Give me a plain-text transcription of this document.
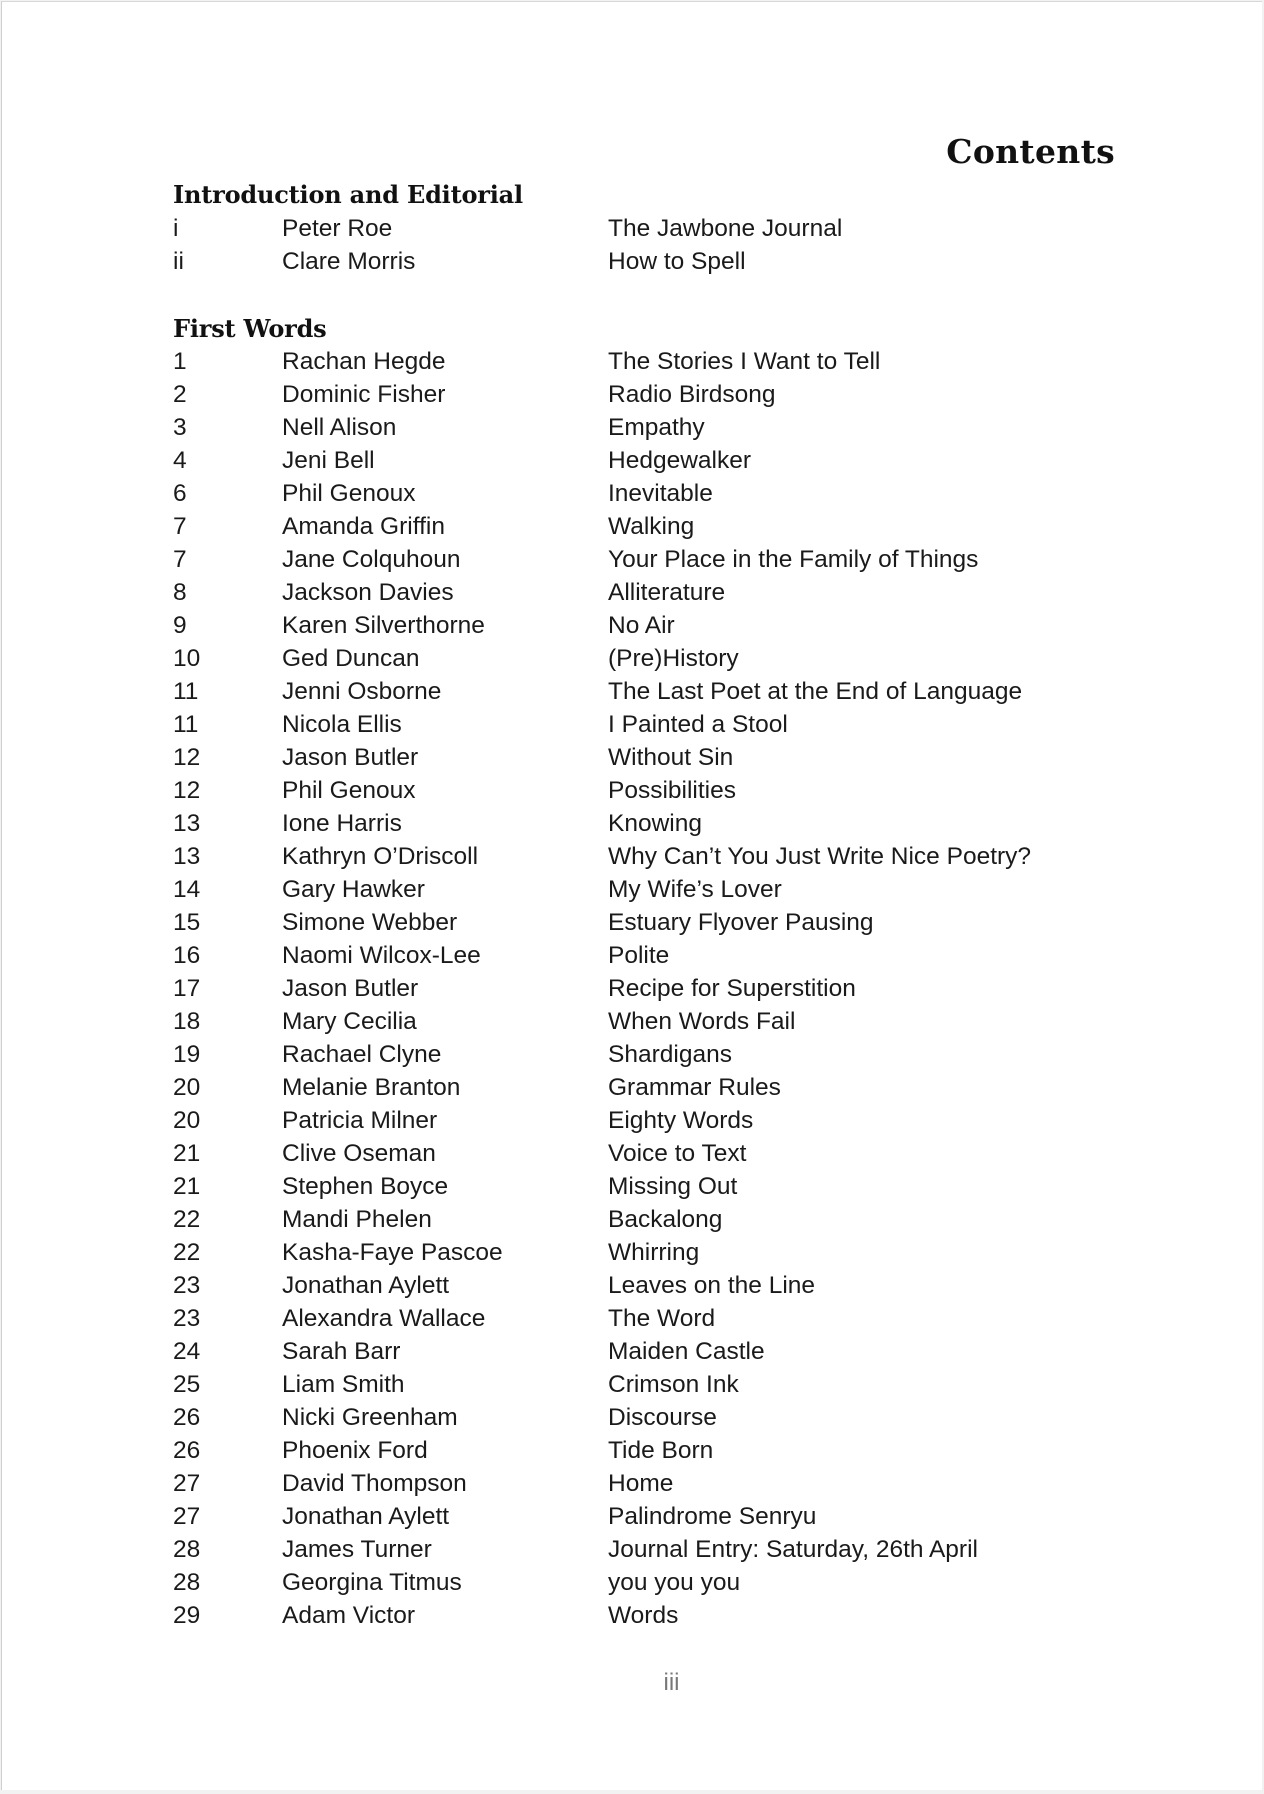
Contents
Introduction and Editorial
i	Peter Roe	The Jawbone Journal
ii	Clare Morris	How to Spell
First Words
1	Rachan Hegde	The Stories I Want to Tell
2	Dominic Fisher	Radio Birdsong
3	Nell Alison	Empathy
4	Jeni Bell	Hedgewalker
6	Phil Genoux	Inevitable
7	Amanda Griffin	Walking
7	Jane Colquhoun	Your Place in the Family of Things
8	Jackson Davies	Alliterature
9	Karen Silverthorne	No Air
10	Ged Duncan	(Pre)History
11	Jenni Osborne	The Last Poet at the End of Language
11	Nicola Ellis	I Painted a Stool
12	Jason Butler	Without Sin
12	Phil Genoux	Possibilities
13	Ione Harris	Knowing
13	Kathryn O’Driscoll	Why Can’t You Just Write Nice Poetry?
14	Gary Hawker	My Wife’s Lover
15	Simone Webber	Estuary Flyover Pausing
16	Naomi Wilcox-Lee	Polite
17	Jason Butler	Recipe for Superstition
18	Mary Cecilia	When Words Fail
19	Rachael Clyne	Shardigans
20	Melanie Branton	Grammar Rules
20	Patricia Milner	Eighty Words
21	Clive Oseman	Voice to Text
21	Stephen Boyce	Missing Out
22	Mandi Phelen	Backalong
22	Kasha-Faye Pascoe	Whirring
23	Jonathan Aylett	Leaves on the Line
23	Alexandra Wallace	The Word
24	Sarah Barr	Maiden Castle
25	Liam Smith	Crimson Ink
26	Nicki Greenham	Discourse
26	Phoenix Ford	Tide Born
27	David Thompson	Home
27	Jonathan Aylett	Palindrome Senryu
28	James Turner	Journal Entry: Saturday, 26th April
28	Georgina Titmus	you you you
29	Adam Victor	Words
iii
